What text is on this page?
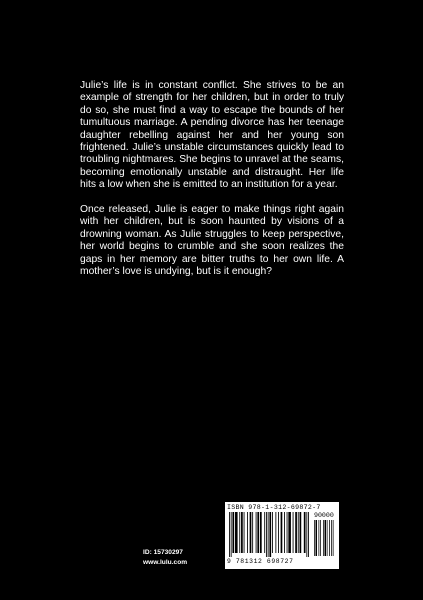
Julie’s life is in constant conflict. She strives to be an example of strength for her children, but in order to truly do so, she must find a way to escape the bounds of her tumultuous marriage. A pending divorce has her teenage daughter rebelling against her and her young son frightened. Julie’s unstable circumstances quickly lead to troubling nightmares. She begins to unravel at the seams, becoming emotionally unstable and distraught. Her life hits a low when she is emitted to an institution for a year.

Once released, Julie is eager to make things right again with her children, but is soon haunted by visions of a drowning woman. As Julie struggles to keep perspective, her world begins to crumble and she soon realizes the gaps in her memory are bitter truths to her own life. A mother’s love is undying, but is it enough?

ID: 15730297
www.lulu.com
ISBN 978-1-312-69872-7
90000
9 781312 698727
